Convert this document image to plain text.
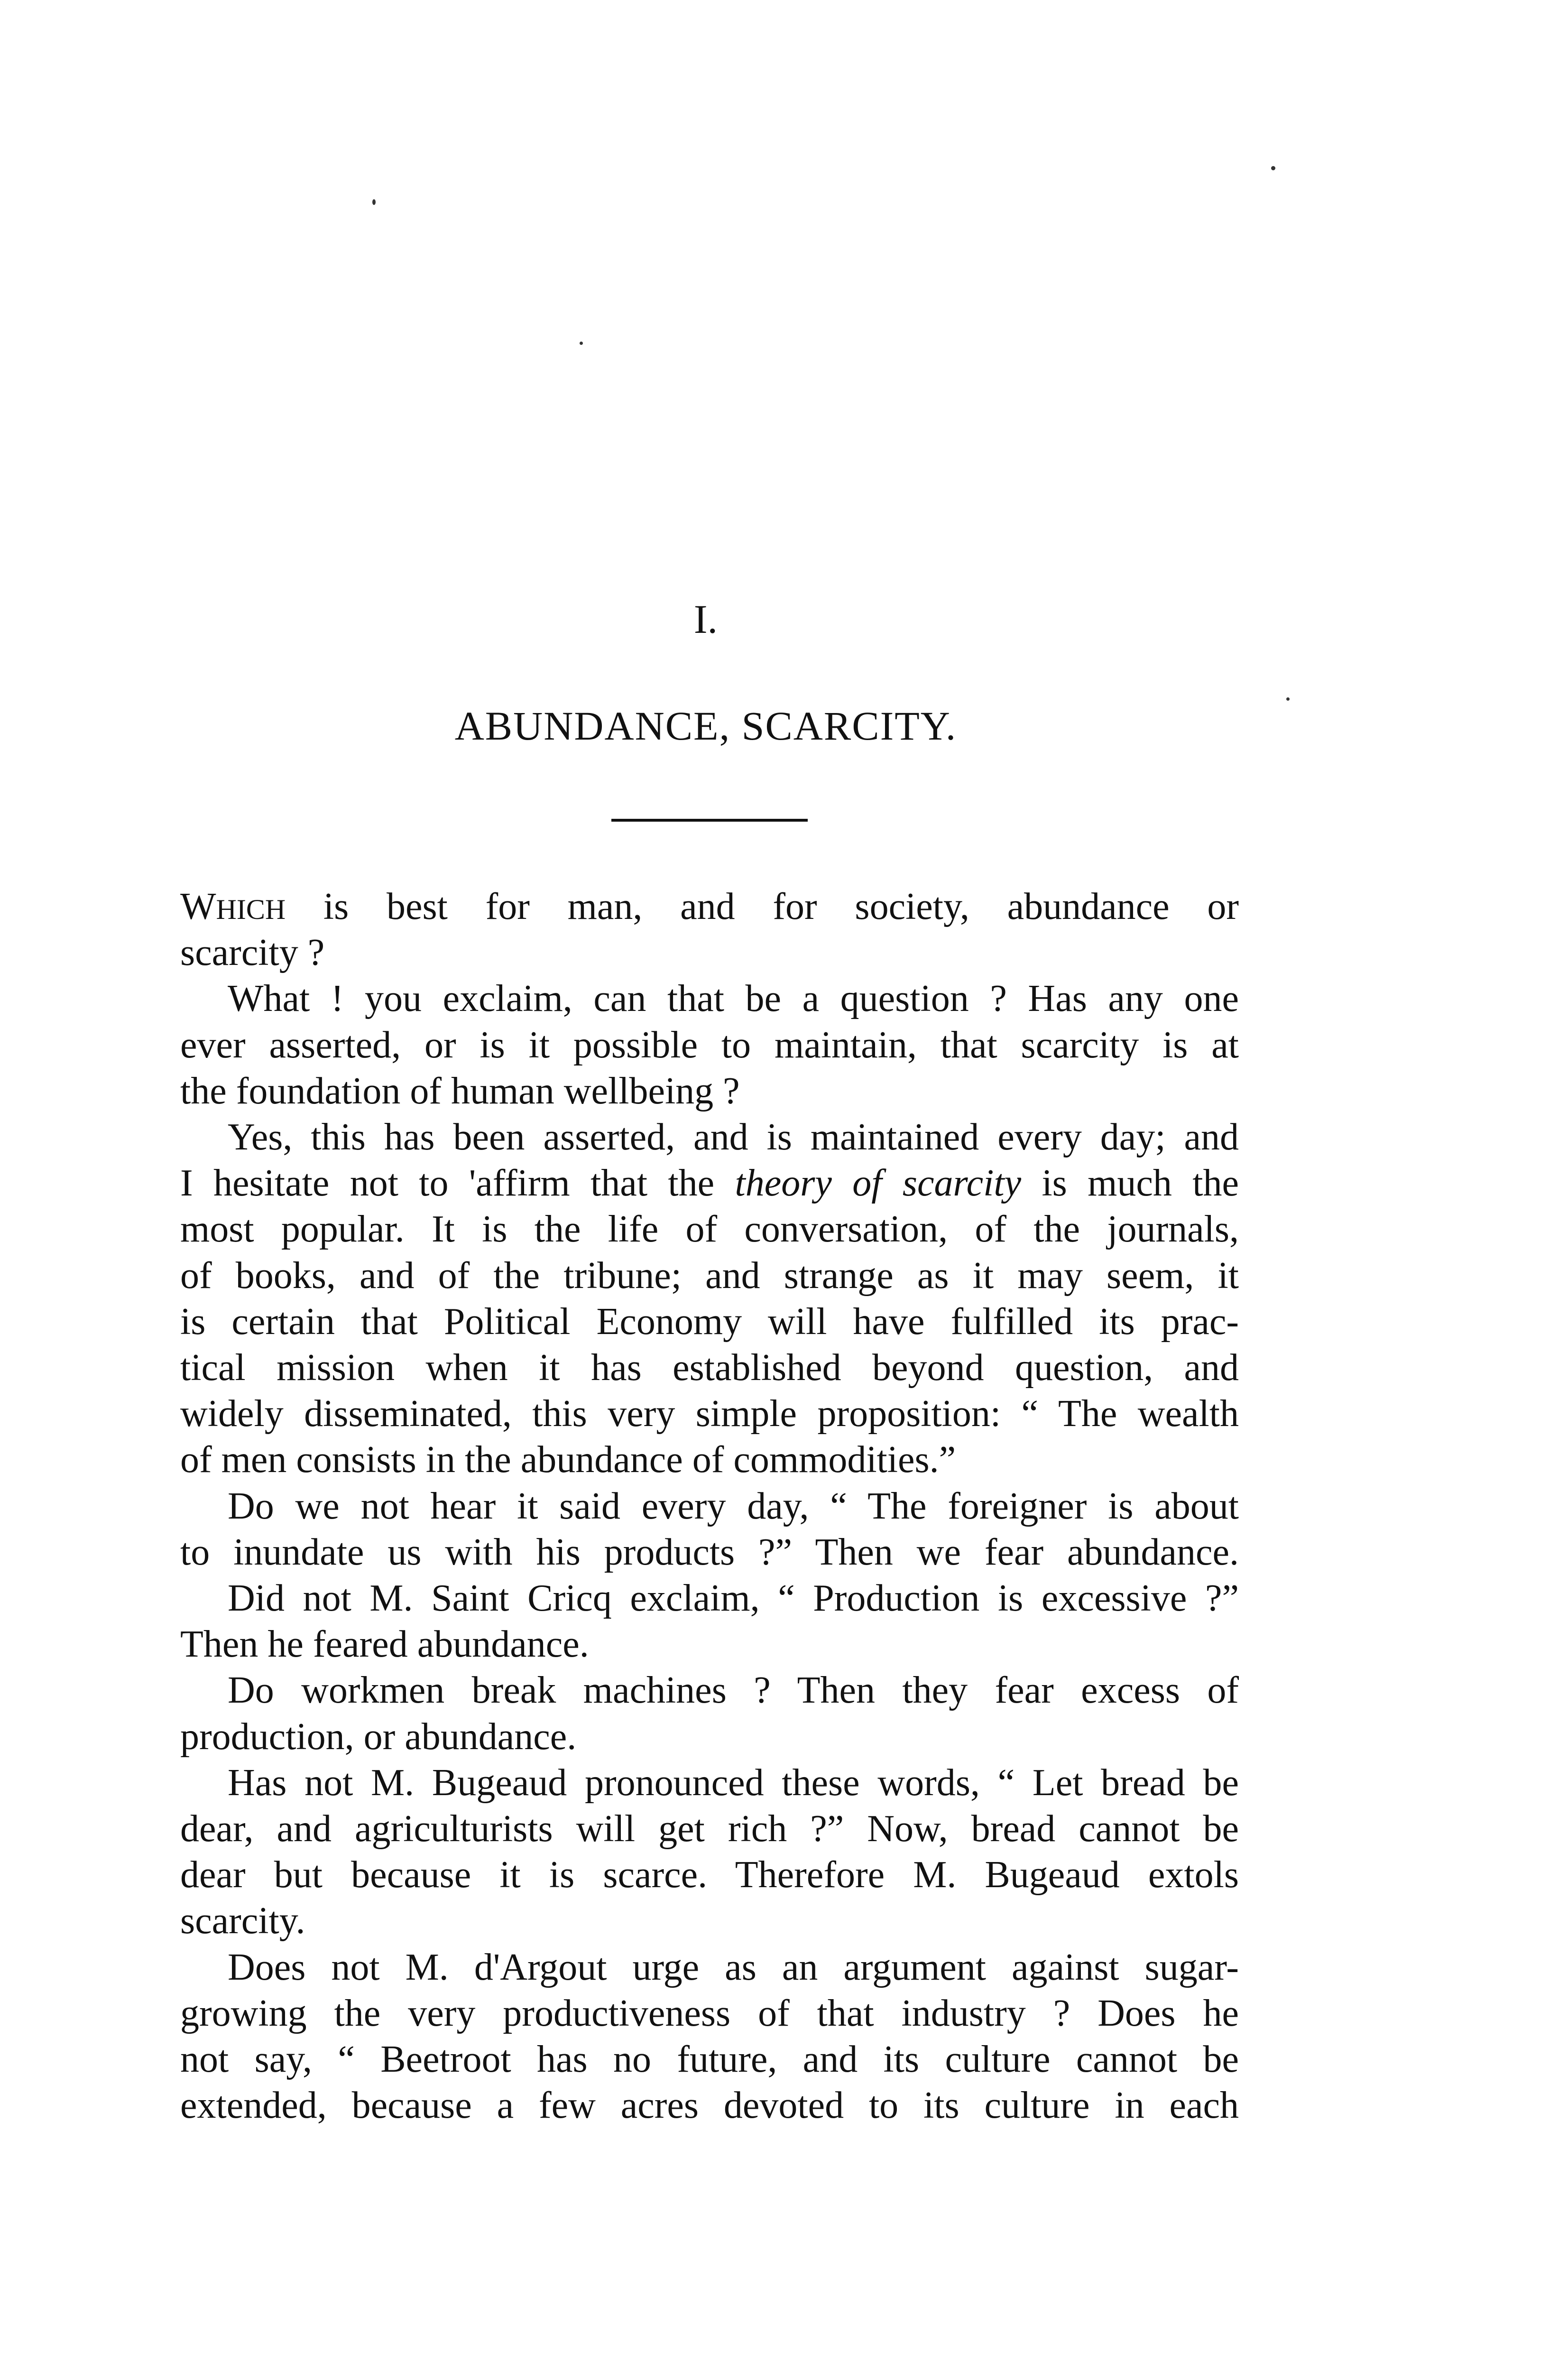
I.
ABUNDANCE, SCARCITY.
WHICH is best for man, and for society, abundance or
scarcity ?
What ! you exclaim, can that be a question ? Has any one
ever asserted, or is it possible to maintain, that scarcity is at
the foundation of human wellbeing ?
Yes, this has been asserted, and is maintained every day; and
I hesitate not to 'affirm that the theory of scarcity is much the
most popular. It is the life of conversation, of the journals,
of books, and of the tribune; and strange as it may seem, it
is certain that Political Economy will have fulfilled its prac-
tical mission when it has established beyond question, and
widely disseminated, this very simple proposition: “ The wealth
of men consists in the abundance of commodities.”
Do we not hear it said every day, “ The foreigner is about
to inundate us with his products ?” Then we fear abundance.
Did not M. Saint Cricq exclaim, “ Production is excessive ?”
Then he feared abundance.
Do workmen break machines ? Then they fear excess of
production, or abundance.
Has not M. Bugeaud pronounced these words, “ Let bread be
dear, and agriculturists will get rich ?” Now, bread cannot be
dear but because it is scarce. Therefore M. Bugeaud extols
scarcity.
Does not M. d'Argout urge as an argument against sugar-
growing the very productiveness of that industry ? Does he
not say, “ Beetroot has no future, and its culture cannot be
extended, because a few acres devoted to its culture in each
